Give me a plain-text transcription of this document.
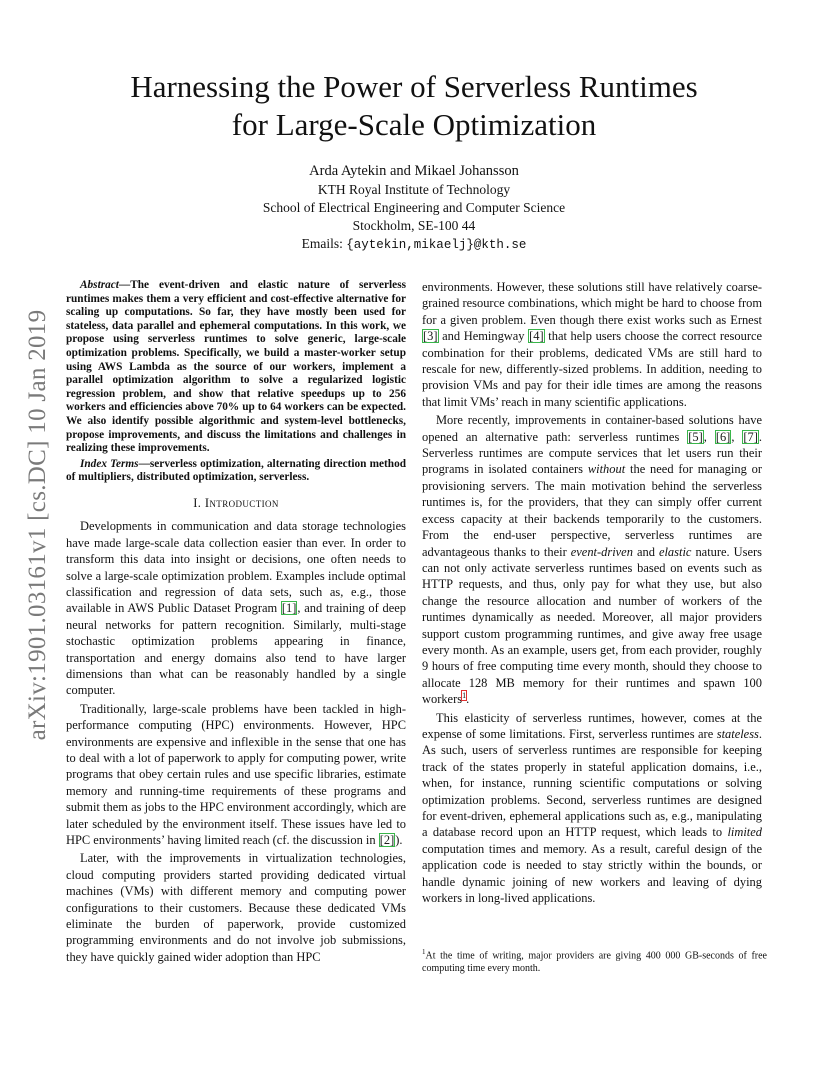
arXiv:1901.03161v1 [cs.DC] 10 Jan 2019
Harnessing the Power of Serverless Runtimes
for Large-Scale Optimization
Arda Aytekin and Mikael Johansson
KTH Royal Institute of Technology
School of Electrical Engineering and Computer Science
Stockholm, SE-100 44
Emails: {aytekin,mikaelj}@kth.se

Abstract—The event-driven and elastic nature of serverless runtimes makes them a very efficient and cost-effective alternative for scaling up computations. So far, they have mostly been used for stateless, data parallel and ephemeral computations. In this work, we propose using serverless runtimes to solve generic, large-scale optimization problems. Specifically, we build a master-worker setup using AWS Lambda as the source of our workers, implement a parallel optimization algorithm to solve a regularized logistic regression problem, and show that relative speedups up to 256 workers and efficiencies above 70% up to 64 workers can be expected. We also identify possible algorithmic and system-level bottlenecks, propose improvements, and discuss the limitations and challenges in realizing these improvements.

Index Terms—serverless optimization, alternating direction method of multipliers, distributed optimization, serverless.

I. Introduction

Developments in communication and data storage technologies have made large-scale data collection easier than ever. In order to transform this data into insight or decisions, one often needs to solve a large-scale optimization problem. Examples include optimal classification and regression of data sets, such as, e.g., those available in AWS Public Dataset Program [1], and training of deep neural networks for pattern recognition. Similarly, multi-stage stochastic optimization problems appearing in finance, transportation and energy domains also tend to have larger dimensions than what can be reasonably handled by a single computer.

Traditionally, large-scale problems have been tackled in high-performance computing (HPC) environments. However, HPC environments are expensive and inflexible in the sense that one has to deal with a lot of paperwork to apply for computing power, write programs that obey certain rules and use specific libraries, estimate memory and running-time requirements of these programs and submit them as jobs to the HPC environment accordingly, which are later scheduled by the environment itself. These issues have led to HPC environments’ having limited reach (cf. the discussion in [2]).

Later, with the improvements in virtualization technologies, cloud computing providers started providing dedicated virtual machines (VMs) with different memory and computing power configurations to their customers. Because these dedicated VMs eliminate the burden of paperwork, provide customized programming environments and do not involve job submissions, they have quickly gained wider adoption than HPC

environments. However, these solutions still have relatively coarse-grained resource combinations, which might be hard to choose from for a given problem. Even though there exist works such as Ernest [3] and Hemingway [4] that help users choose the correct resource combination for their problems, dedicated VMs are still hard to rescale for new, differently-sized problems. In addition, needing to provision VMs and pay for their idle times are among the reasons that limit VMs’ reach in many scientific applications.

More recently, improvements in container-based solutions have opened an alternative path: serverless runtimes [5], [6], [7]. Serverless runtimes are compute services that let users run their programs in isolated containers without the need for managing or provisioning servers. The main motivation behind the serverless runtimes is, for the providers, that they can simply offer current excess capacity at their backends temporarily to the customers. From the end-user perspective, serverless runtimes are advantageous thanks to their event-driven and elastic nature. Users can not only activate serverless runtimes based on events such as HTTP requests, and thus, only pay for what they use, but also change the resource allocation and number of workers of the runtimes dynamically as needed. Moreover, all major providers support custom programming runtimes, and give away free usage every month. As an example, users get, from each provider, roughly 9 hours of free computing time every month, should they choose to allocate 128 MB memory for their runtimes and spawn 100 workers$^1$.

This elasticity of serverless runtimes, however, comes at the expense of some limitations. First, serverless runtimes are stateless. As such, users of serverless runtimes are responsible for keeping track of the states properly in stateful application domains, i.e., when, for instance, running scientific computations or solving optimization problems. Second, serverless runtimes are designed for event-driven, ephemeral applications such as, e.g., manipulating a database record upon an HTTP request, which leads to limited computation times and memory. As a result, careful design of the application code is needed to stay strictly within the bounds, or handle dynamic joining of new workers and leaving of dying workers in long-lived applications.

$^1$At the time of writing, major providers are giving 400 000 GB-seconds of free computing time every month.
